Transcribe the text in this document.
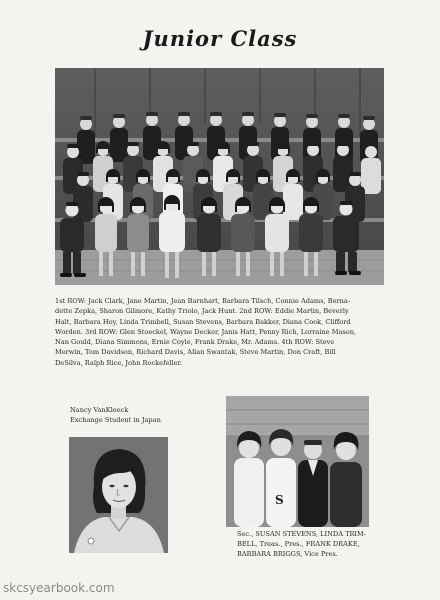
Junior Class
1st ROW: Jack Clark, Jane Martin, Jean Barnhart, Barbara Tilsch, Connie Adams, Berna-
dette Zepka, Sharon Gilmore, Kathy Triolo, Jack Hunt. 2nd ROW: Eddie Martin, Beverly
Halt, Barbara Hoy, Linda Trimbell, Susan Stevens, Barbara Bakker, Diana Cook, Clifford
Worden. 3rd ROW: Glen Stoeckel, Wayne Decker, Janis Hatt, Penny Rich, Lorraine Mason,
Nan Gould, Diana Simmons, Ernie Coyle, Frank Drake, Mr. Adams. 4th ROW: Steve
Merwin, Tom Davidson, Richard Davis, Allan Swantak, Steve Martin, Don Craft, Bill
DeSilva, Ralph Rice, John Rockefeller.
Nancy VanKleeck
Exchange Student in Japan
S
Sec., SUSAN STEVENS, LINDA TRIM-
BELL, Treas., Pres., FRANK DRAKE,
BARBARA BRIGGS, Vice Pres.
skcsyearbook.com
